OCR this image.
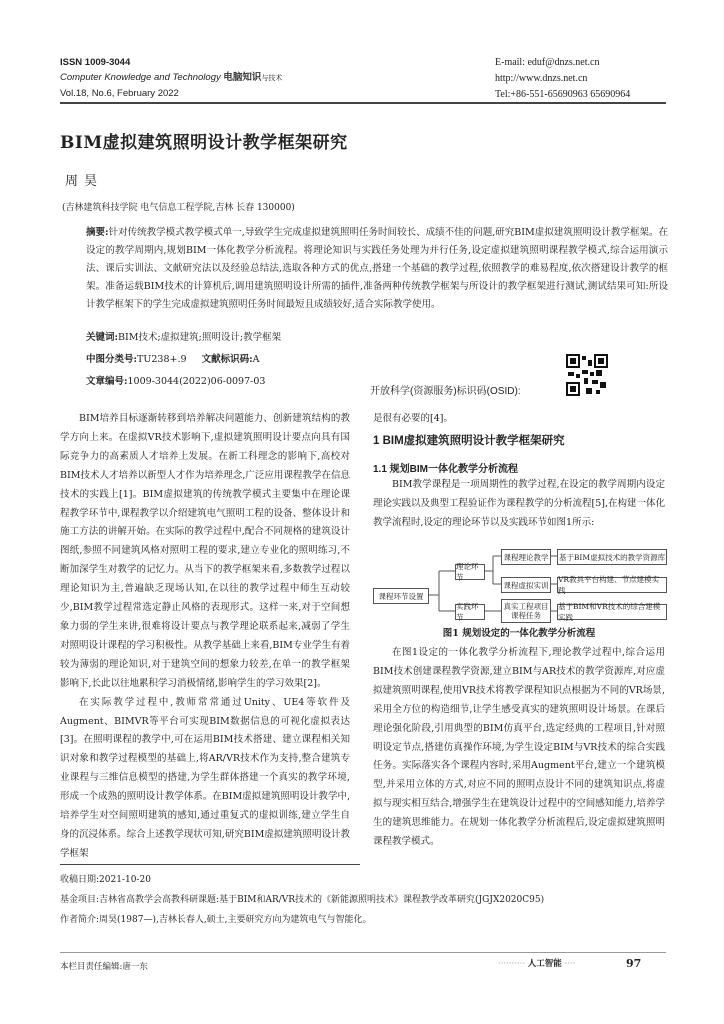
ISSN 1009-3044
Computer Knowledge and Technology 电脑知识与技术
Vol.18, No.6, February 2022
E-mail: eduf@dnzs.net.cn
http://www.dnzs.net.cn
Tel:+86-551-65690963 65690964
BIM虚拟建筑照明设计教学框架研究
周昊
(吉林建筑科技学院 电气信息工程学院,吉林 长春 130000)
摘要:针对传统教学模式教学模式单一,导致学生完成虚拟建筑照明任务时间较长、成绩不佳的问题,研究BIM虚拟建筑照明设计教学框架。在设定的教学周期内,规划BIM一体化教学分析流程。将理论知识与实践任务处理为并行任务,设定虚拟建筑照明课程教学模式,综合运用演示法、课后实训法、文献研究法以及经验总结法,选取各种方式的优点,搭建一个基础的教学过程,依照教学的难易程度,依次搭建设计教学的框架。准备运载BIM技术的计算机后,调用建筑照明设计所需的插件,准备两种传统教学框架与所设计的教学框架进行测试,测试结果可知:所设计教学框架下的学生完成虚拟建筑照明任务时间最短且成绩较好,适合实际教学使用。
关键词:BIM技术;虚拟建筑;照明设计;教学框架
中图分类号:TU238+.9 文献标识码:A
文章编号:1009-3044(2022)06-0097-03
开放科学(资源服务)标识码(OSID):

BIM培养目标逐渐转移到培养解决问题能力、创新建筑结构的教学方向上来。在虚拟VR技术影响下,虚拟建筑照明设计要点向具有国际竞争力的高素质人才培养上发展。在新工科理念的影响下,高校对BIM技术人才培养以新型人才作为培养理念,广泛应用课程教学在信息技术的实践上[1]。BIM虚拟建筑的传统教学模式主要集中在理论课程教学环节中,课程教学以介绍建筑电气照明工程的设备、整体设计和施工方法的讲解开始。在实际的教学过程中,配合不同规格的建筑设计图纸,参照不同建筑风格对照明工程的要求,建立专业化的照明练习,不断加深学生对教学的记忆力。从当下的教学框架来看,多数教学过程以理论知识为主,普遍缺乏现场认知,在以往的教学过程中师生互动较少,BIM教学过程常选定静止风格的表现形式。这样一来,对于空间想象力弱的学生来讲,很难将设计要点与教学理论联系起来,减弱了学生对照明设计课程的学习积极性。从教学基础上来看,BIM专业学生有着较为薄弱的理论知识,对于建筑空间的想象力较差,在单一的教学框架影响下,长此以往地累积学习消极情绪,影响学生的学习效果[2]。

在实际教学过程中,教师常常通过Unity、UE4等软件及Augment、BIMVR等平台可实现BIM数据信息的可视化虚拟表达[3]。在照明课程的教学中,可在运用BIM技术搭建、建立课程相关知识对象和教学过程模型的基础上,将AR/VR技术作为支持,整合建筑专业课程与三维信息模型的搭建,为学生群体搭建一个真实的教学环境,形成一个成熟的照明设计教学体系。在BIM虚拟建筑照明设计教学中,培养学生对空间照明建筑的感知,通过重复式的虚拟训练,建立学生自身的沉浸体系。综合上述教学现状可知,研究BIM虚拟建筑照明设计教学框架

是很有必要的[4]。
1 BIM虚拟建筑照明设计教学框架研究
1.1 规划BIM一体化教学分析流程

BIM教学课程是一项周期性的教学过程,在设定的教学周期内设定理论实践以及典型工程验证作为课程教学的分析流程[5],在构建一体化教学流程时,设定的理论环节以及实践环节如图1所示:

课程环节设置
理论环节
实践环节
课程理论教学
课程虚拟实训
真实工程项目课程任务
基于BIM虚拟技术的教学资源库
VR教具平台构建、节点建模实践
基于BIM和VR技术的综合建模实践
图1 规划设定的一体化教学分析流程

在图1设定的一体化教学分析流程下,理论教学过程中,综合运用BIM技术创建课程教学资源,建立BIM与AR技术的教学资源库,对应虚拟建筑照明课程,使用VR技术将教学课程知识点根据为不同的VR场景,采用全方位的构造细节,让学生感受真实的建筑照明设计场景。在课后理论强化阶段,引用典型的BIM仿真平台,选定经典的工程项目,针对照明设定节点,搭建仿真操作环境,为学生设定BIM与VR技术的综合实践任务。实际落实各个课程内容时,采用Augment平台,建立一个建筑模型,并采用立体的方式,对应不同的照明点设计不同的建筑知识点,将虚拟与现实相互结合,增强学生在建筑设计过程中的空间感知能力,培养学生的建筑思维能力。在规划一体化教学分析流程后,设定虚拟建筑照明课程教学模式。

收稿日期:2021-10-20
基金项目:吉林省高教学会高教科研课题:基于BIM和AR/VR技术的《新能源照明技术》课程教学改革研究(JGJX2020C95)
作者简介:周昊(1987—),吉林长春人,硕士,主要研究方向为建筑电气与智能化。
本栏目责任编辑:唐一东	·········· 人工智能 ····	97
